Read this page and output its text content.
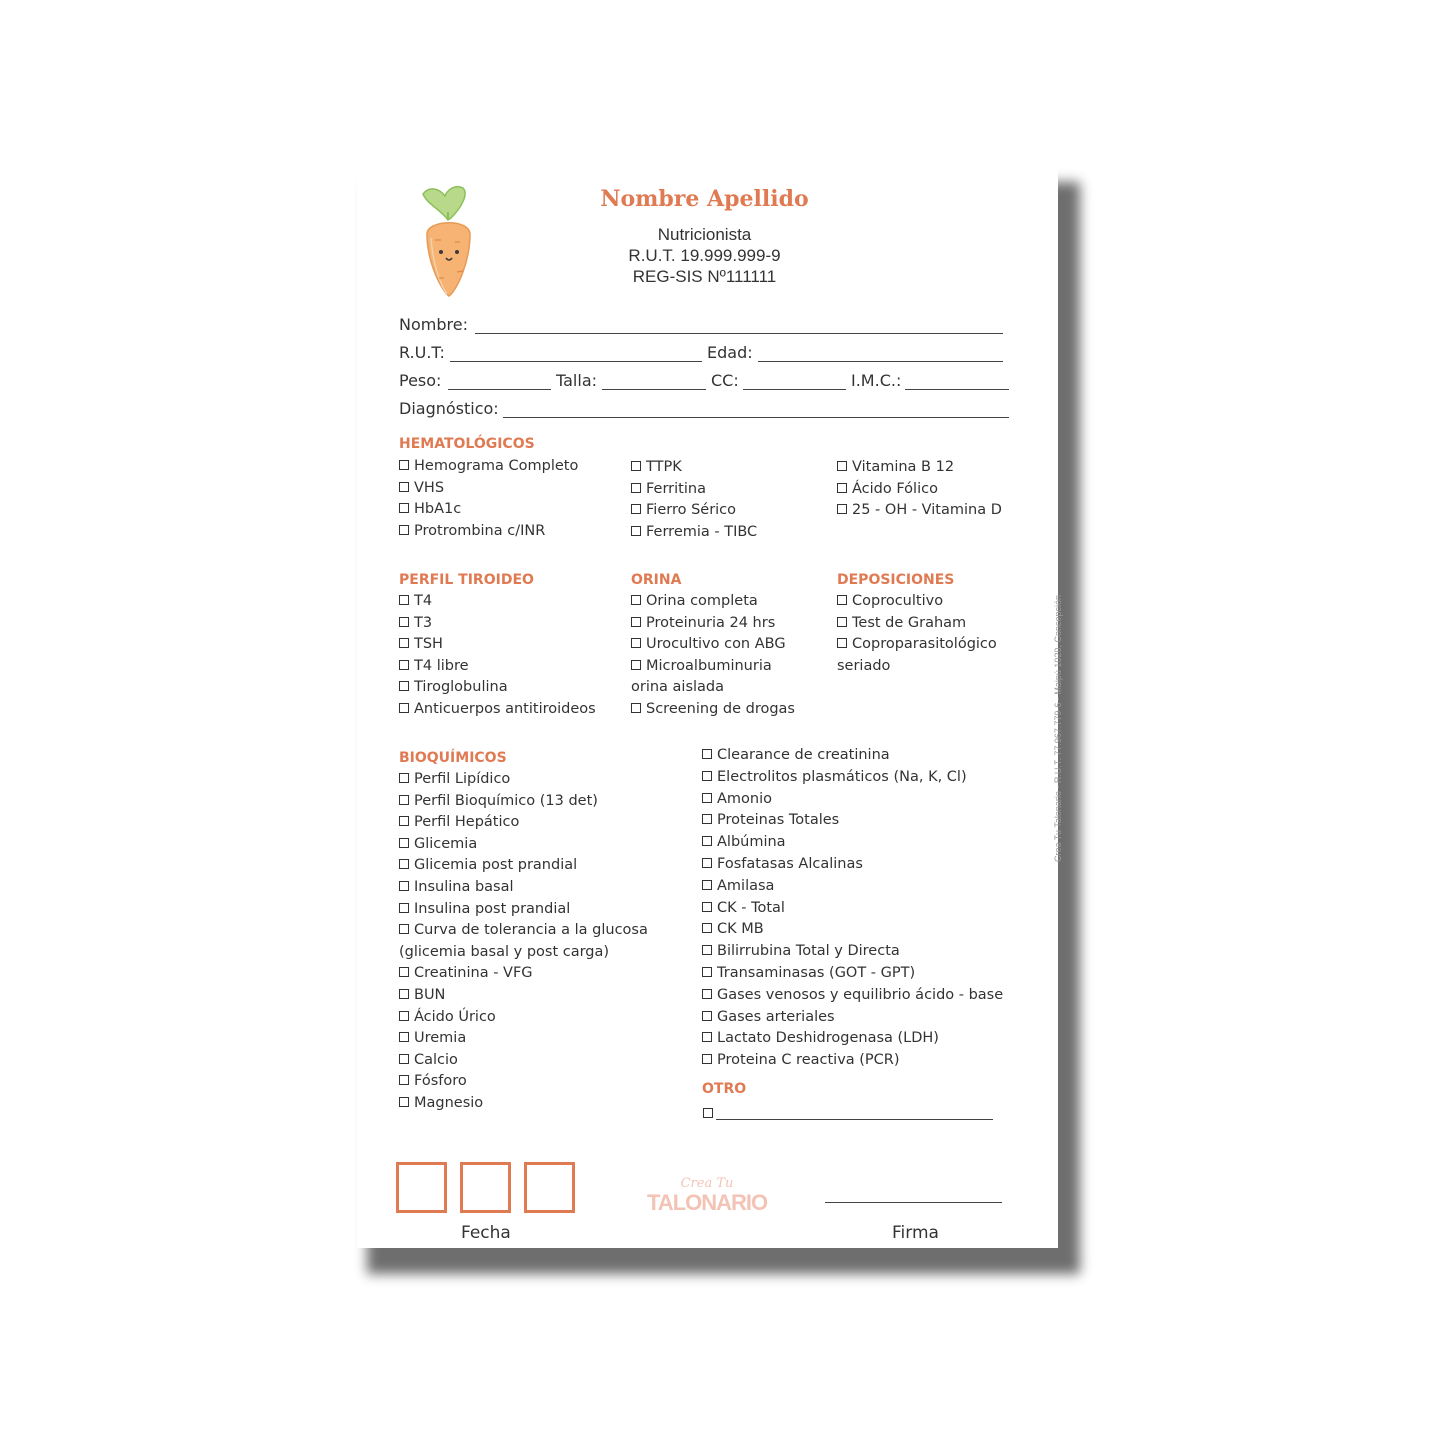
Nombre Apellido
Nutricionista
R.U.T. 19.999.999-9
REG-SIS Nº111111
Nombre:
R.U.T:	Edad:
Peso:	Talla:	CC:	I.M.C.:
Diagnóstico:
HEMATOLÓGICOS
Hemograma Completo
VHS
HbA1c
Protrombina c/INR
TTPK
Ferritina
Fierro Sérico
Ferremia - TIBC
Vitamina B 12
Ácido Fólico
25 - OH - Vitamina D
PERFIL TIROIDEO
T4
T3
TSH
T4 libre
Tiroglobulina
Anticuerpos antitiroideos
ORINA
Orina completa
Proteinuria 24 hrs
Urocultivo con ABG
Microalbuminuria
orina aislada
Screening de drogas
DEPOSICIONES
Coprocultivo
Test de Graham
Coproparasitológico
seriado
BIOQUÍMICOS
Perfil Lipídico
Perfil Bioquímico (13 det)
Perfil Hepático
Glicemia
Glicemia post prandial
Insulina basal
Insulina post prandial
Curva de tolerancia a la glucosa
(glicemia basal y post carga)
Creatinina - VFG
BUN
Ácido Úrico
Uremia
Calcio
Fósforo
Magnesio
Clearance de creatinina
Electrolitos plasmáticos (Na, K, Cl)
Amonio
Proteinas Totales
Albúmina
Fosfatasas Alcalinas
Amilasa
CK - Total
CK MB
Bilirrubina Total y Directa
Transaminasas (GOT - GPT)
Gases venosos y equilibrio ácido - base
Gases arteriales
Lactato Deshidrogenasa (LDH)
Proteina C reactiva (PCR)
OTRO
Fecha
Crea Tu
TALONARIO
Firma
Crea Tu Talonario - R.U.T. 77.967.779-6 - Maipú 1020, Concepción
